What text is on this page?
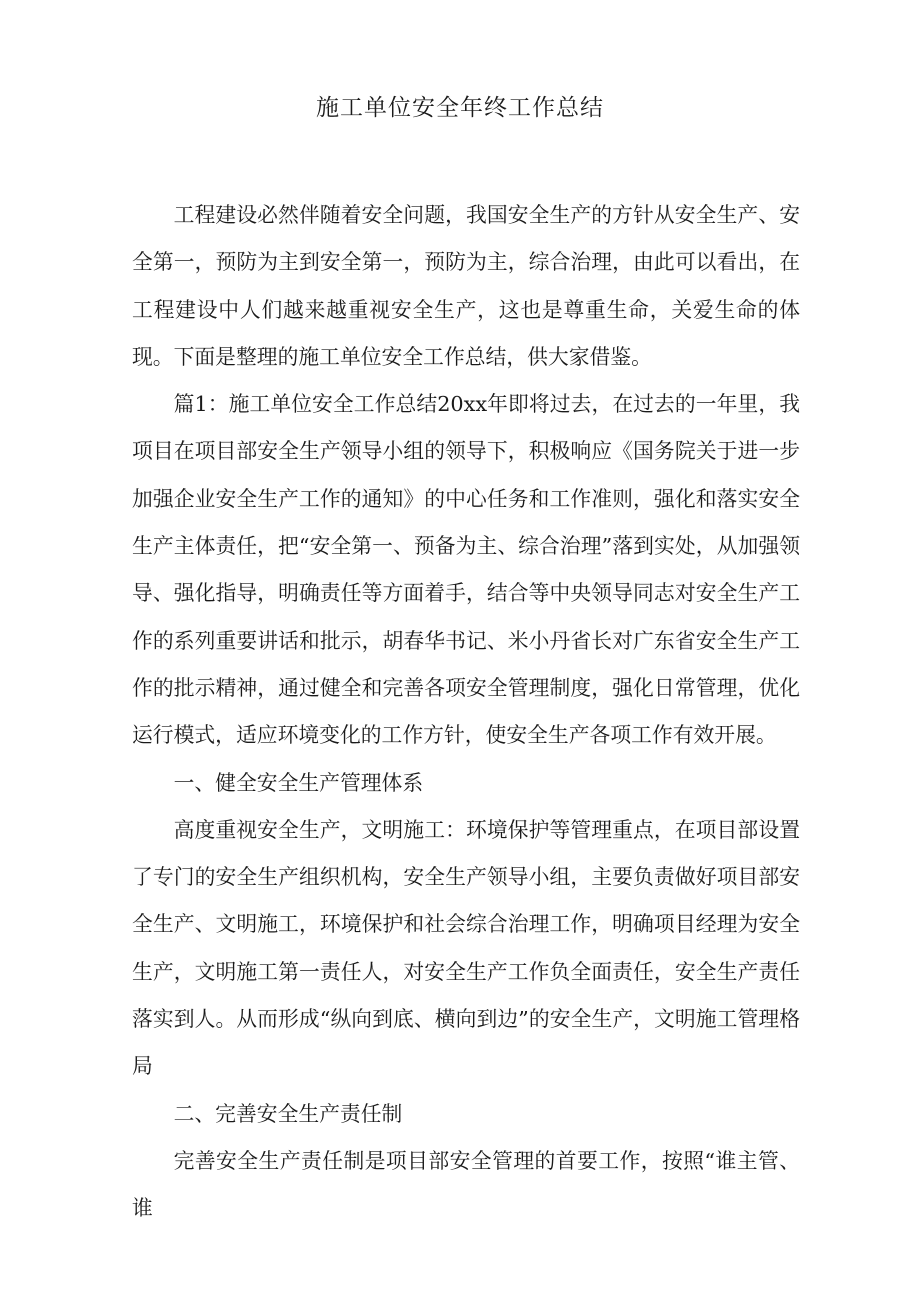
施工单位安全年终工作总结

工程建设必然伴随着安全问题，我国安全生产的方针从安全生产、安全第一，预防为主到安全第一，预防为主，综合治理，由此可以看出，在工程建设中人们越来越重视安全生产，这也是尊重生命，关爱生命的体现。下面是整理的施工单位安全工作总结，供大家借鉴。

篇1：施工单位安全工作总结20xx年即将过去，在过去的一年里，我项目在项目部安全生产领导小组的领导下，积极响应《国务院关于进一步加强企业安全生产工作的通知》的中心任务和工作准则，强化和落实安全生产主体责任，把“安全第一、预备为主、综合治理”落到实处，从加强领导、强化指导，明确责任等方面着手，结合等中央领导同志对安全生产工作的系列重要讲话和批示，胡春华书记、米小丹省长对广东省安全生产工作的批示精神，通过健全和完善各项安全管理制度，强化日常管理，优化运行模式，适应环境变化的工作方针，使安全生产各项工作有效开展。

一、健全安全生产管理体系

高度重视安全生产，文明施工：环境保护等管理重点，在项目部设置了专门的安全生产组织机构，安全生产领导小组，主要负责做好项目部安全生产、文明施工，环境保护和社会综合治理工作，明确项目经理为安全生产，文明施工第一责任人，对安全生产工作负全面责任，安全生产责任落实到人。从而形成“纵向到底、横向到边”的安全生产，文明施工管理格局

二、完善安全生产责任制

完善安全生产责任制是项目部安全管理的首要工作，按照“谁主管、谁
